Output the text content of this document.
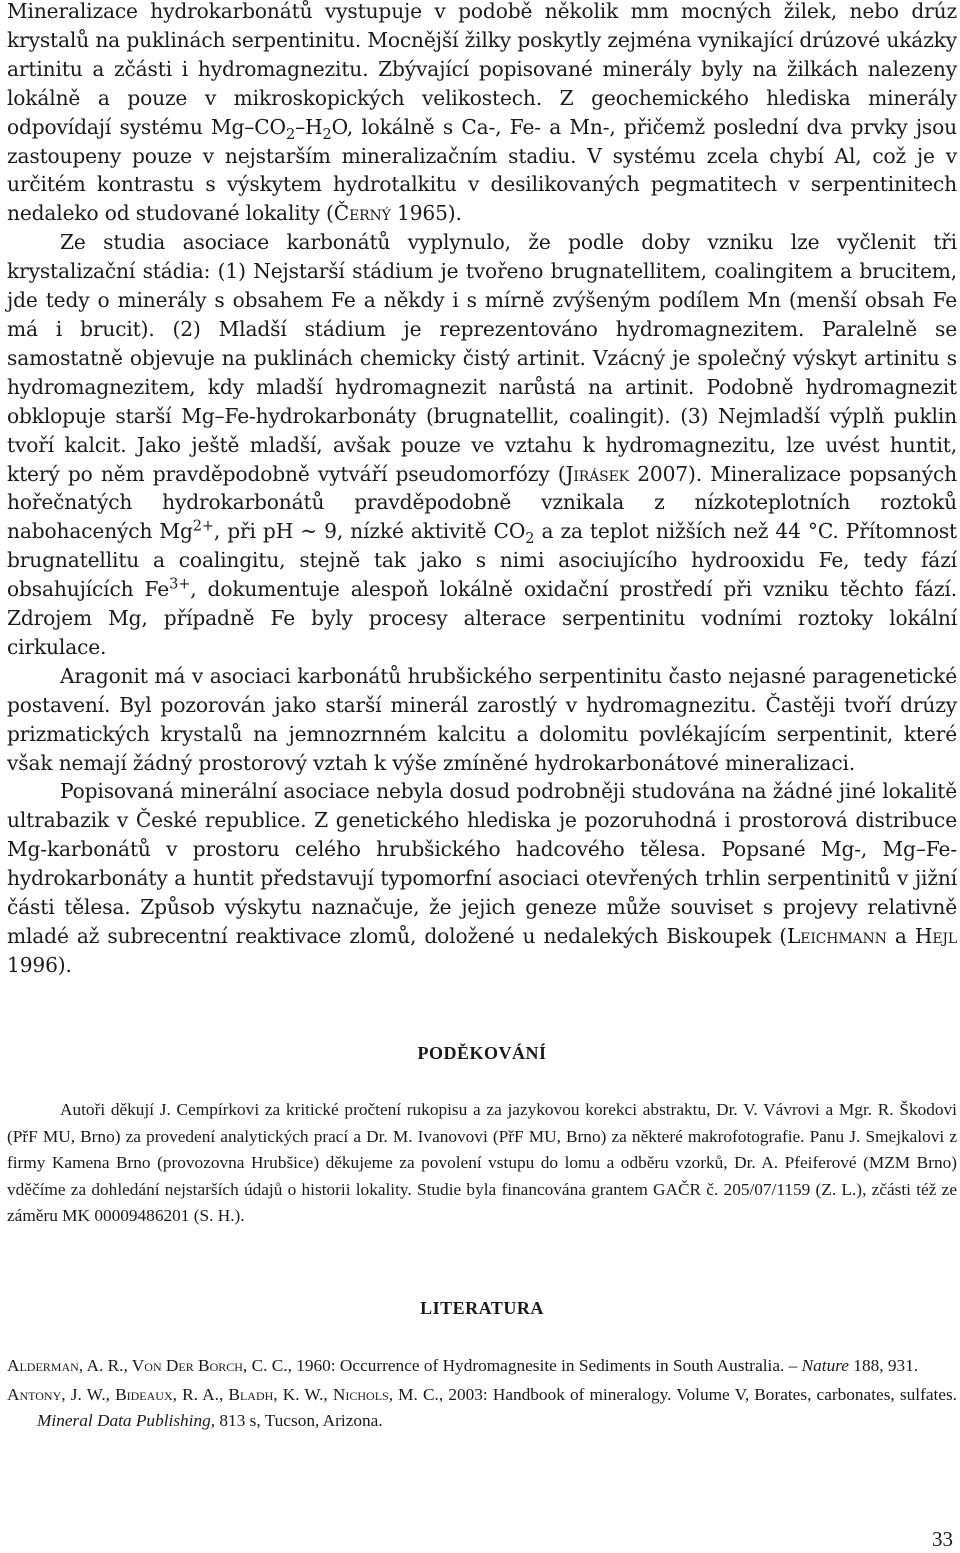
Mineralizace hydrokarbonátů vystupuje v podobě několik mm mocných žilek, nebo drúz krystalů na puklinách serpentinitu. Mocnější žilky poskytly zejména vynikající drúzové ukázky artinitu a zčásti i hydromagnezitu. Zbývající popisované minerály byly na žilkách nalezeny lokálně a pouze v mikroskopických velikostech. Z geochemického hlediska minerály odpovídají systému $Mg-CO_2-H_2O$, lokálně s Ca-, Fe- a Mn-, přičemž poslední dva prvky jsou zastoupeny pouze v nejstarším mineralizačním stadiu. V systému zcela chybí Al, což je v určitém kontrastu s výskytem hydrotalkitu v desilikovaných pegmatitech v serpentinitech nedaleko od studované lokality (Černý 1965).

Ze studia asociace karbonátů vyplynulo, že podle doby vzniku lze vyčlenit tři krystalizační stádia: (1) Nejstarší stádium je tvořeno brugnatellitem, coalingitem a brucitem, jde tedy o minerály s obsahem Fe a někdy i s mírně zvýšeným podílem Mn (menší obsah Fe má i brucit). (2) Mladší stádium je reprezentováno hydromagnezitem. Paralelně se samostatně objevuje na puklinách chemicky čistý artinit. Vzácný je společný výskyt artinitu s hydromagnezitem, kdy mladší hydromagnezit narůstá na artinit. Podobně hydromagnezit obklopuje starší Mg–Fe-hydrokarbonáty (brugnatellit, coalingit). (3) Nejmladší výplň puklin tvoří kalcit. Jako ještě mladší, avšak pouze ve vztahu k hydromagnezitu, lze uvést huntit, který po něm pravděpodobně vytváří pseudomorfózy (Jirásek 2007). Mineralizace popsaných hořečnatých hydrokarbonátů pravděpodobně vznikala z nízkoteplotních roztoků nabohacených $Mg^{2+}$, při pH ~ 9, nízké aktivitě $CO_2$ a za teplot nižších než 44 °C. Přítomnost brugnatellitu a coalingitu, stejně tak jako s nimi asociujícího hydrooxidu Fe, tedy fází obsahujících $Fe^{3+}$, dokumentuje alespoň lokálně oxidační prostředí při vzniku těchto fází. Zdrojem Mg, případně Fe byly procesy alterace serpentinitu vodními roztoky lokální cirkulace.

Aragonit má v asociaci karbonátů hrubšického serpentinitu často nejasné paragenetické postavení. Byl pozorován jako starší minerál zarostlý v hydromagnezitu. Častěji tvoří drúzy prizmatických krystalů na jemnozrnném kalcitu a dolomitu povlékajícím serpentinit, které však nemají žádný prostorový vztah k výše zmíněné hydrokarbonátové mineralizaci.

Popisovaná minerální asociace nebyla dosud podrobněji studována na žádné jiné lokalitě ultrabazik v České republice. Z genetického hlediska je pozoruhodná i prostorová distribuce Mg-karbonátů v prostoru celého hrubšického hadcového tělesa. Popsané Mg-, Mg–Fe-hydrokarbonáty a huntit představují typomorfní asociaci otevřených trhlin serpentinitů v jižní části tělesa. Způsob výskytu naznačuje, že jejich geneze může souviset s projevy relativně mladé až subrecentní reaktivace zlomů, doložené u nedalekých Biskoupek (Leichmann a Hejl 1996).

PODĚKOVÁNÍ

Autoři děkují J. Cempírkovi za kritické pročtení rukopisu a za jazykovou korekci abstraktu, Dr. V. Vávrovi a Mgr. R. Škodovi (PřF MU, Brno) za provedení analytických prací a Dr. M. Ivanovovi (PřF MU, Brno) za některé makrofotografie. Panu J. Smejkalovi z firmy Kamena Brno (provozovna Hrubšice) děkujeme za povolení vstupu do lomu a odběru vzorků, Dr. A. Pfeiferové (MZM Brno) vděčíme za dohledání nejstarších údajů o historii lokality. Studie byla financována grantem GAČR č. 205/07/1159 (Z. L.), zčásti též ze záměru MK 00009486201 (S. H.).

LITERATURA

Alderman, A. R., Von Der Borch, C. C., 1960: Occurrence of Hydromagnesite in Sediments in South Australia. – Nature 188, 931.

Antony, J. W., Bideaux, R. A., Bladh, K. W., Nichols, M. C., 2003: Handbook of mineralogy. Volume V, Borates, carbonates, sulfates. Mineral Data Publishing, 813 s, Tucson, Arizona.

33
